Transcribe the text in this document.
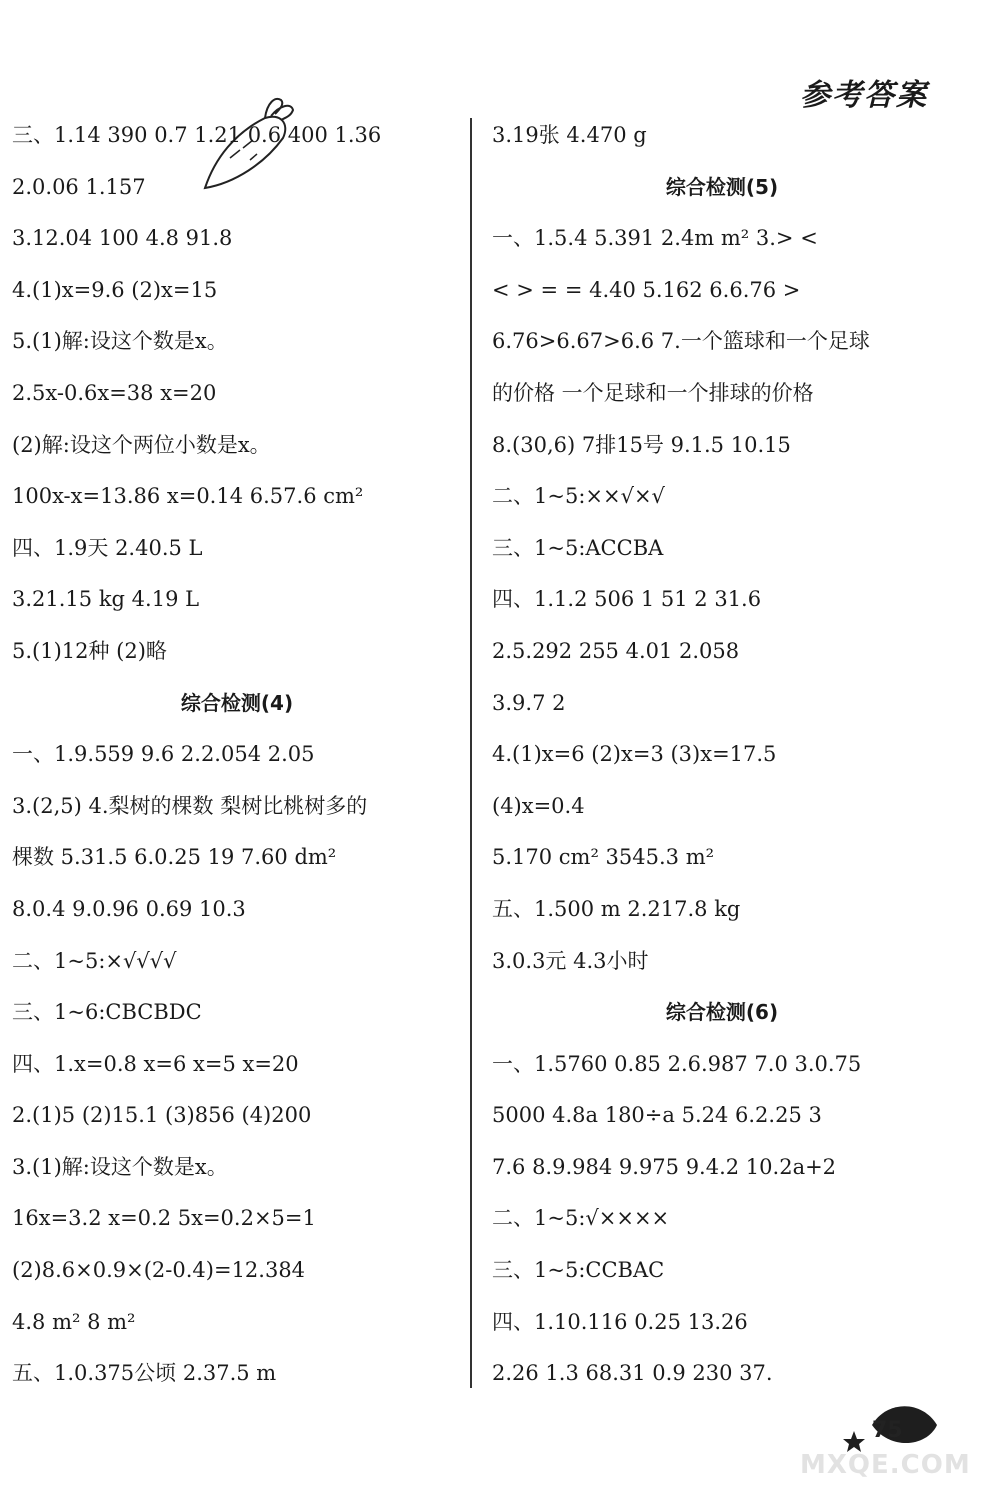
参考答案
三、1.14 390 0.7 1.21 0.6 400 1.36
2.0.06 1.157
3.12.04 100 4.8 91.8
4.(1)x=9.6 (2)x=15
5.(1)解:设这个数是x。
2.5x-0.6x=38 x=20
(2)解:设这个两位小数是x。
100x-x=13.86 x=0.14 6.57.6 cm²
四、1.9天 2.40.5 L
3.21.15 kg 4.19 L
5.(1)12种 (2)略
综合检测(4)
一、1.9.559 9.6 2.2.054 2.05
3.(2,5) 4.梨树的棵数 梨树比桃树多的
棵数 5.31.5 6.0.25 19 7.60 dm²
8.0.4 9.0.96 0.69 10.3
二、1~5:×√√√√
三、1~6:CBCBDC
四、1.x=0.8 x=6 x=5 x=20
2.(1)5 (2)15.1 (3)856 (4)200
3.(1)解:设这个数是x。
16x=3.2 x=0.2 5x=0.2×5=1
(2)8.6×0.9×(2-0.4)=12.384
4.8 m² 8 m²
五、1.0.375公顷 2.37.5 m
3.19张 4.470 g
综合检测(5)
一、1.5.4 5.391 2.4m m² 3.> <
< > = = 4.40 5.162 6.6.76 >
6.76>6.67>6.6 7.一个篮球和一个足球
的价格 一个足球和一个排球的价格
8.(30,6) 7排15号 9.1.5 10.15
二、1~5:××√×√
三、1~5:ACCBA
四、1.1.2 506 1 51 2 31.6
2.5.292 255 4.01 2.058
3.9.7 2
4.(1)x=6 (2)x=3 (3)x=17.5
(4)x=0.4
5.170 cm² 3545.3 m²
五、1.500 m 2.217.8 kg
3.0.3元 4.3小时
综合检测(6)
一、1.5760 0.85 2.6.987 7.0 3.0.75
5000 4.8a 180÷a 5.24 6.2.25 3
7.6 8.9.984 9.975 9.4.2 10.2a+2
二、1~5:√××××
三、1~5:CCBAC
四、1.10.116 0.25 13.26
2.26 1.3 68.31 0.9 230 37.
75
MXQE.COM
